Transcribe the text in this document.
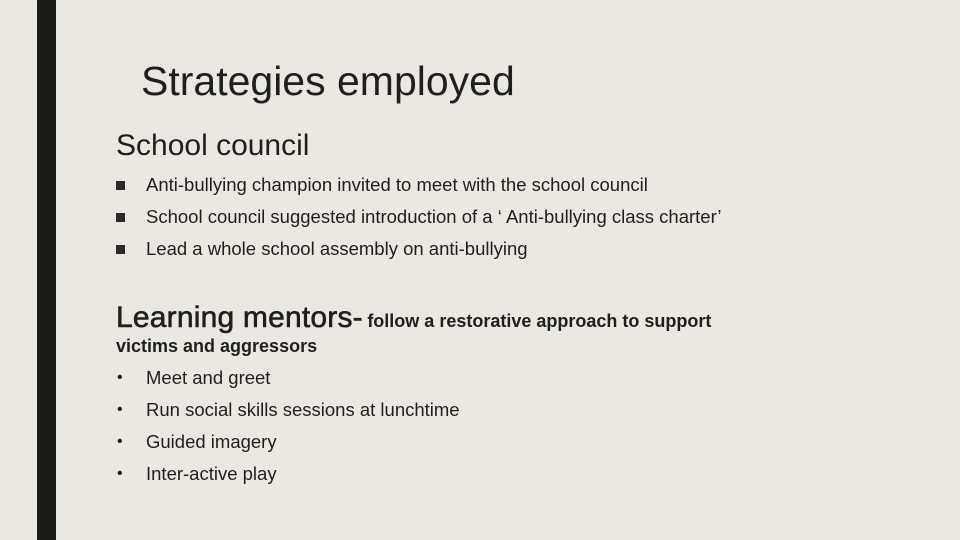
Strategies employed
School council
Anti-bullying champion invited to meet with the school council
School council suggested introduction of a ‘ Anti-bullying class charter’
Lead a whole school assembly on anti-bullying
Learning mentors- follow a restorative approach to support
victims and aggressors
•	Meet and greet
•	Run social skills sessions at lunchtime
•	Guided imagery
•	Inter-active play
